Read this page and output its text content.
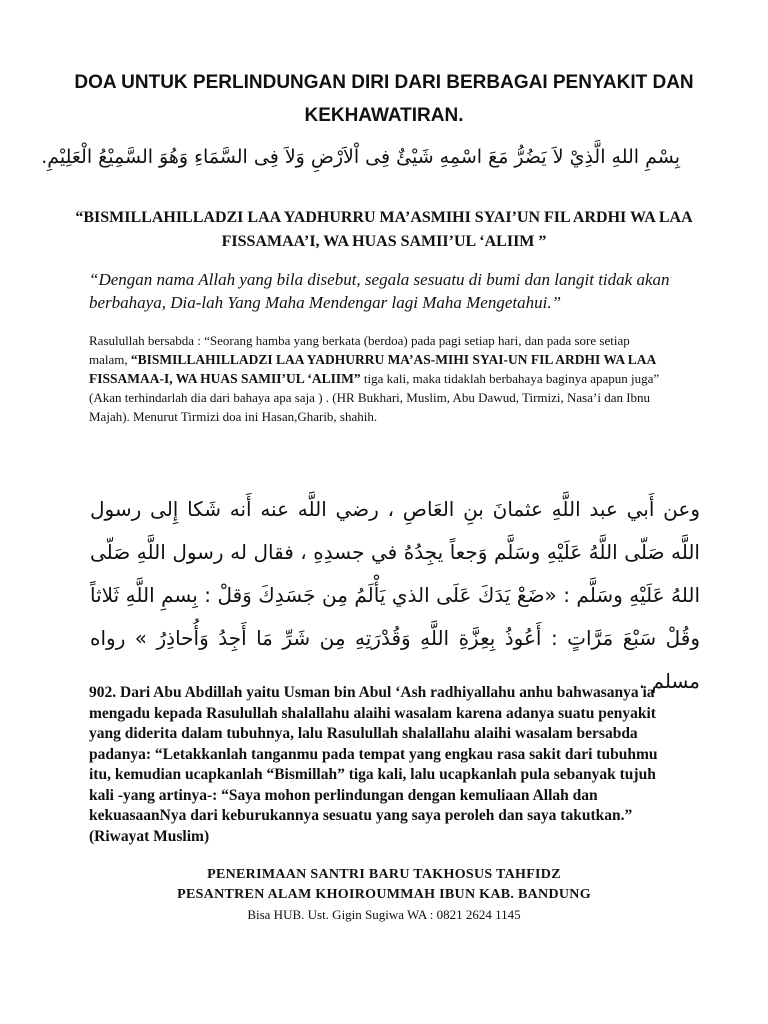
DOA UNTUK PERLINDUNGAN DIRI DARI BERBAGAI PENYAKIT DAN KEKHAWATIRAN.

بِسْمِ اللهِ الَّذِيْ لاَ يَضُرُّ مَعَ اسْمِهِ شَيْئٌ فِى اْلاَرْضِ وَلاَ فِى السَّمَاءِ وَهُوَ السَّمِيْعُ الْعَلِيْمِ.

“BISMILLAHILLADZI LAA YADHURRU MA’ASMIHI SYAI’UN FIL ARDHI WA LAA FISSAMAA’I, WA HUAS SAMII’UL ‘ALIIM ”

“Dengan nama Allah yang bila disebut, segala sesuatu di bumi dan langit tidak akan berbahaya, Dia-lah Yang Maha Mendengar lagi Maha Mengetahui.”

Rasulullah bersabda : “Seorang hamba yang berkata (berdoa) pada pagi setiap hari, dan pada sore setiap malam, “BISMILLAHILLADZI LAA YADHURRU MA’AS-MIHI SYAI-UN FIL ARDHI WA LAA FISSAMAA-I, WA HUAS SAMII’UL ‘ALIIM” tiga kali, maka tidaklah berbahaya baginya apapun juga” (Akan terhindarlah dia dari bahaya apa saja ) . (HR Bukhari, Muslim, Abu Dawud, Tirmizi, Nasa’i dan Ibnu Majah). Menurut Tirmizi doa ini Hasan,Gharib, shahih.

وعن أَبي عبد اللَّهِ عثمانَ بنِ العَاصِ ، رضي اللَّه عنه أَنه شَكا إِلى رسول اللَّه صَلّى اللَّهُ عَلَيْهِ وسَلَّم وَجعاً يجِدُهُ في جسدِهِ ، فقال له رسول اللَّهِ صَلّى اللهُ عَلَيْهِ وسَلَّم : «ضَعْ يَدَكَ عَلَى الذي يَأْلَمُ مِن جَسَدِكَ وَقلْ : بِسمِ اللَّهِ ثَلاثاً وقُلْ سَبْعَ مَرَّاتٍ : أَعُوذُ بِعِزَّةِ اللَّهِ وَقُدْرَتِهِ مِن شَرِّ مَا أَجِدُ وَأُحاذِرُ » رواه مسلم .

902. Dari Abu Abdillah yaitu Usman bin Abul ‘Ash radhiyallahu anhu bahwasanya ia mengadu kepada Rasulullah shalallahu alaihi wasalam karena adanya suatu penyakit yang diderita dalam tubuhnya, lalu Rasulullah shalallahu alaihi wasalam bersabda padanya: “Letakkanlah tanganmu pada tempat yang engkau rasa sakit dari tubuhmu itu, kemudian ucapkanlah “Bismillah” tiga kali, lalu ucapkanlah pula sebanyak tujuh kali -yang artinya-: “Saya mohon perlindungan dengan kemuliaan Allah dan kekuasaanNya dari keburukannya sesuatu yang saya peroleh dan saya takutkan.” (Riwayat Muslim)

PENERIMAAN SANTRI BARU TAKHOSUS TAHFIDZ
PESANTREN ALAM KHOIROUMMAH IBUN KAB. BANDUNG
Bisa HUB. Ust. Gigin Sugiwa WA : 0821 2624 1145
